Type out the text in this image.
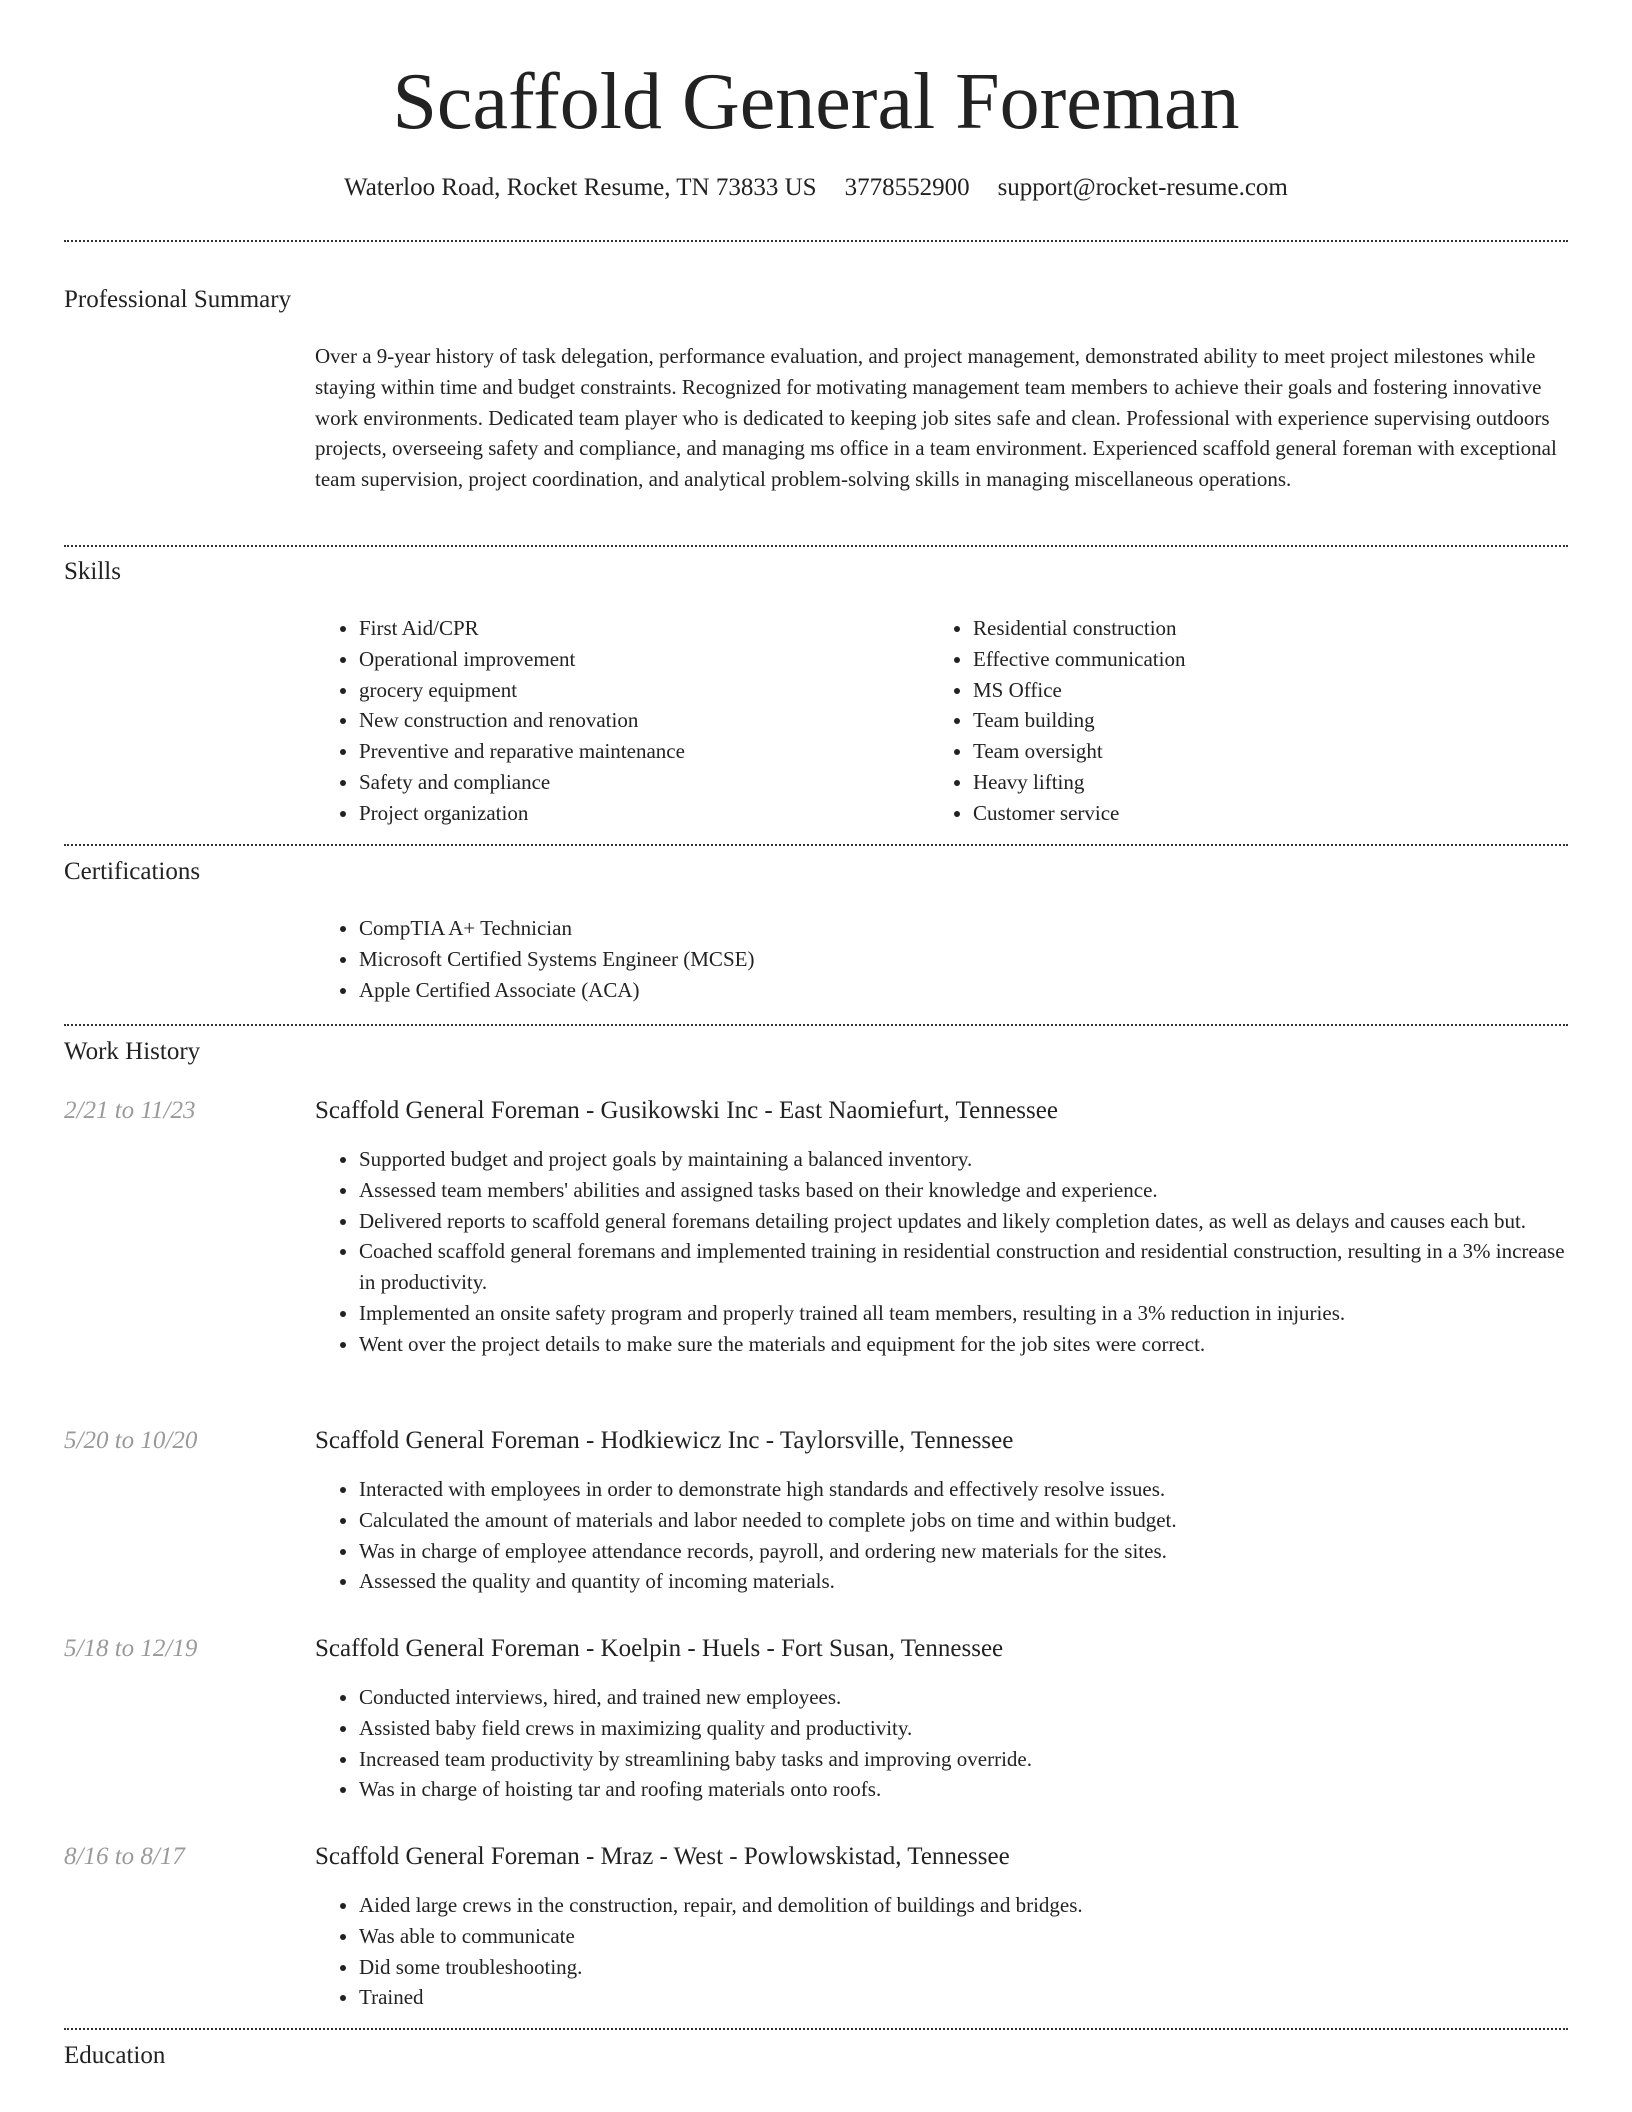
Scaffold General Foreman
Waterloo Road, Rocket Resume, TN 73833 US 3778552900 support@rocket-resume.com
Professional Summary
Over a 9-year history of task delegation, performance evaluation, and project management, demonstrated ability to meet project milestones while staying within time and budget constraints. Recognized for motivating management team members to achieve their goals and fostering innovative work environments. Dedicated team player who is dedicated to keeping job sites safe and clean. Professional with experience supervising outdoors projects, overseeing safety and compliance, and managing ms office in a team environment. Experienced scaffold general foreman with exceptional team supervision, project coordination, and analytical problem-solving skills in managing miscellaneous operations.
Skills
• First Aid/CPR
• Operational improvement
• grocery equipment
• New construction and renovation
• Preventive and reparative maintenance
• Safety and compliance
• Project organization
• Residential construction
• Effective communication
• MS Office
• Team building
• Team oversight
• Heavy lifting
• Customer service
Certifications
• CompTIA A+ Technician
• Microsoft Certified Systems Engineer (MCSE)
• Apple Certified Associate (ACA)
Work History
2/21 to 11/23	Scaffold General Foreman - Gusikowski Inc - East Naomiefurt, Tennessee
• Supported budget and project goals by maintaining a balanced inventory.
• Assessed team members' abilities and assigned tasks based on their knowledge and experience.
• Delivered reports to scaffold general foremans detailing project updates and likely completion dates, as well as delays and causes each but.
• Coached scaffold general foremans and implemented training in residential construction and residential construction, resulting in a 3% increase in productivity.
• Implemented an onsite safety program and properly trained all team members, resulting in a 3% reduction in injuries.
• Went over the project details to make sure the materials and equipment for the job sites were correct.
5/20 to 10/20	Scaffold General Foreman - Hodkiewicz Inc - Taylorsville, Tennessee
• Interacted with employees in order to demonstrate high standards and effectively resolve issues.
• Calculated the amount of materials and labor needed to complete jobs on time and within budget.
• Was in charge of employee attendance records, payroll, and ordering new materials for the sites.
• Assessed the quality and quantity of incoming materials.
5/18 to 12/19	Scaffold General Foreman - Koelpin - Huels - Fort Susan, Tennessee
• Conducted interviews, hired, and trained new employees.
• Assisted baby field crews in maximizing quality and productivity.
• Increased team productivity by streamlining baby tasks and improving override.
• Was in charge of hoisting tar and roofing materials onto roofs.
8/16 to 8/17	Scaffold General Foreman - Mraz - West - Powlowskistad, Tennessee
• Aided large crews in the construction, repair, and demolition of buildings and bridges.
• Was able to communicate
• Did some troubleshooting.
• Trained
Education
